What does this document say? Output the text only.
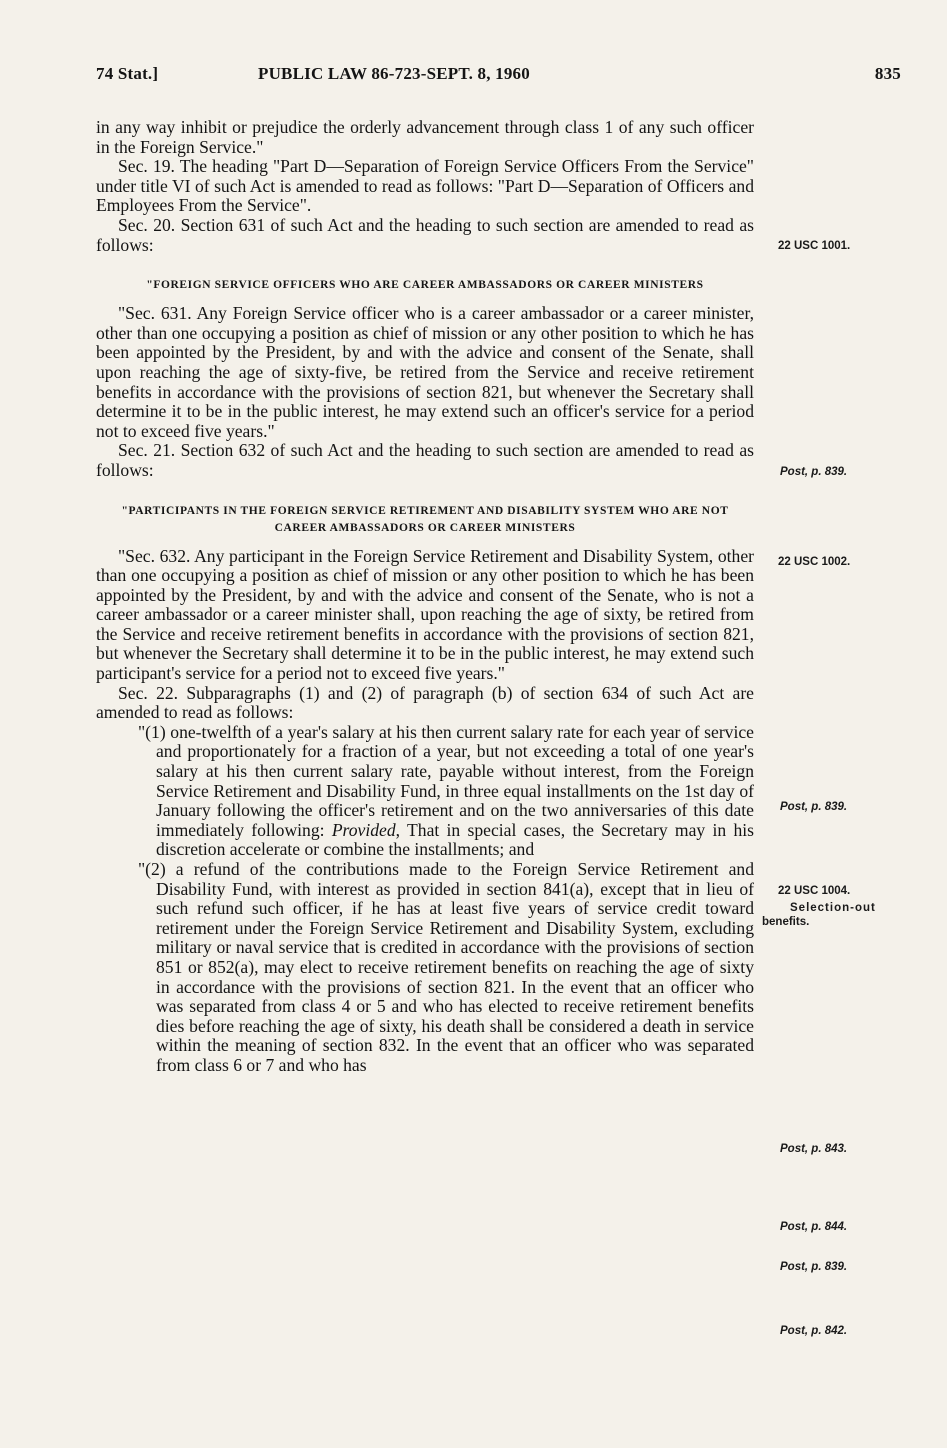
74 Stat.]	PUBLIC LAW 86-723-SEPT. 8, 1960	835

in any way inhibit or prejudice the orderly advancement through class 1 of any such officer in the Foreign Service."

Sec. 19. The heading "Part D—Separation of Foreign Service Officers From the Service" under title VI of such Act is amended to read as follows: "Part D—Separation of Officers and Employees From the Service".

Sec. 20. Section 631 of such Act and the heading to such section are amended to read as follows:

"FOREIGN SERVICE OFFICERS WHO ARE CAREER AMBASSADORS OR CAREER MINISTERS

"Sec. 631. Any Foreign Service officer who is a career ambassador or a career minister, other than one occupying a position as chief of mission or any other position to which he has been appointed by the President, by and with the advice and consent of the Senate, shall upon reaching the age of sixty-five, be retired from the Service and receive retirement benefits in accordance with the provisions of section 821, but whenever the Secretary shall determine it to be in the public interest, he may extend such an officer's service for a period not to exceed five years."

Sec. 21. Section 632 of such Act and the heading to such section are amended to read as follows:

"PARTICIPANTS IN THE FOREIGN SERVICE RETIREMENT AND DISABILITY SYSTEM WHO ARE NOT CAREER AMBASSADORS OR CAREER MINISTERS

"Sec. 632. Any participant in the Foreign Service Retirement and Disability System, other than one occupying a position as chief of mission or any other position to which he has been appointed by the President, by and with the advice and consent of the Senate, who is not a career ambassador or a career minister shall, upon reaching the age of sixty, be retired from the Service and receive retirement benefits in accordance with the provisions of section 821, but whenever the Secretary shall determine it to be in the public interest, he may extend such participant's service for a period not to exceed five years."

Sec. 22. Subparagraphs (1) and (2) of paragraph (b) of section 634 of such Act are amended to read as follows:

"(1) one-twelfth of a year's salary at his then current salary rate for each year of service and proportionately for a fraction of a year, but not exceeding a total of one year's salary at his then current salary rate, payable without interest, from the Foreign Service Retirement and Disability Fund, in three equal installments on the 1st day of January following the officer's retirement and on the two anniversaries of this date immediately following: Provided, That in special cases, the Secretary may in his discretion accelerate or combine the installments; and

"(2) a refund of the contributions made to the Foreign Service Retirement and Disability Fund, with interest as provided in section 841(a), except that in lieu of such refund such officer, if he has at least five years of service credit toward retirement under the Foreign Service Retirement and Disability System, excluding military or naval service that is credited in accordance with the provisions of section 851 or 852(a), may elect to receive retirement benefits on reaching the age of sixty in accordance with the provisions of section 821. In the event that an officer who was separated from class 4 or 5 and who has elected to receive retirement benefits dies before reaching the age of sixty, his death shall be considered a death in service within the meaning of section 832. In the event that an officer who was separated from class 6 or 7 and who has

22 USC 1001.
Post, p. 839.
22 USC 1002.
Post, p. 839.
22 USC 1004.
Selection-out
benefits.
Post, p. 843.
Post, p. 844.
Post, p. 839.
Post, p. 842.
